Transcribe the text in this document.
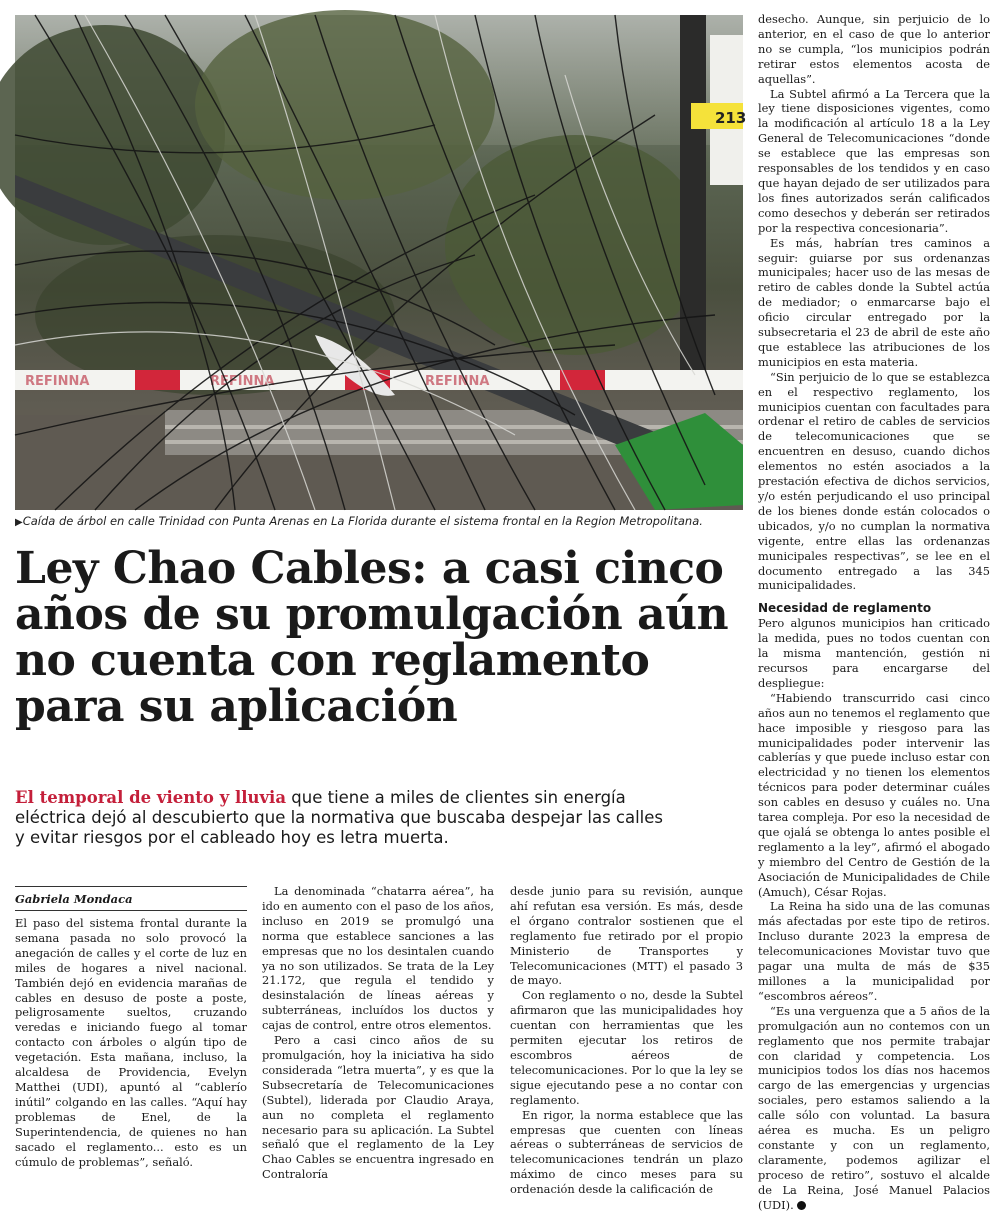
213
REFINNA	REFINNA	REFINNA
▶Caída de árbol en calle Trinidad con Punta Arenas en La Florida durante el sistema frontal en la Region Metropolitana.
Ley Chao Cables: a casi cinco años de su promulgación aún no cuenta con reglamento para su aplicación

El temporal de viento y lluvia que tiene a miles de clientes sin energía eléctrica dejó al descubierto que la normativa que buscaba despejar las calles y evitar riesgos por el cableado hoy es letra muerta.

Gabriela Mondaca

El paso del sistema frontal durante la semana pasada no solo provocó la anegación de calles y el corte de luz en miles de hogares a nivel nacional. También dejó en evidencia marañas de cables en desuso de poste a poste, peligrosamente sueltos, cruzando veredas e iniciando fuego al tomar contacto con árboles o algún tipo de vegetación. Esta mañana, incluso, la alcaldesa de Providencia, Evelyn Matthei (UDI), apuntó al “cablerío inútil” colgando en las calles. “Aquí hay problemas de Enel, de la Superintendencia, de quienes no han sacado el reglamento... esto es un cúmulo de problemas”, señaló.

La denominada “chatarra aérea”, ha ido en aumento con el paso de los años, incluso en 2019 se promulgó una norma que establece sanciones a las empresas que no los desintalen cuando ya no son utilizados. Se trata de la Ley 21.172, que regula el tendido y desinstalación de líneas aéreas y subterráneas, incluídos los ductos y cajas de control, entre otros elementos.

Pero a casi cinco años de su promulgación, hoy la iniciativa ha sido considerada “letra muerta”, y es que la Subsecretaría de Telecomunicaciones (Subtel), liderada por Claudio Araya, aun no completa el reglamento necesario para su aplicación. La Subtel señaló que el reglamento de la Ley Chao Cables se encuentra ingresado en Contraloría

desde junio para su revisión, aunque ahí refutan esa versión. Es más, desde el órgano contralor sostienen que el reglamento fue retirado por el propio Ministerio de Transportes y Telecomunicaciones (MTT) el pasado 3 de mayo.

Con reglamento o no, desde la Subtel afirmaron que las municipalidades hoy cuentan con herramientas que les permiten ejecutar los retiros de escombros aéreos de telecomunicaciones. Por lo que la ley se sigue ejecutando pese a no contar con reglamento.

En rigor, la norma establece que las empresas que cuenten con líneas aéreas o subterráneas de servicios de telecomunicaciones tendrán un plazo máximo de cinco meses para su ordenación desde la calificación de

desecho. Aunque, sin perjuicio de lo anterior, en el caso de que lo anterior no se cumpla, “los municipios podrán retirar estos elementos acosta de aquellas”.

La Subtel afirmó a La Tercera que la ley tiene disposiciones vigentes, como la modificación al artículo 18 a la Ley General de Telecomunicaciones “donde se establece que las empresas son responsables de los tendidos y en caso que hayan dejado de ser utilizados para los fines autorizados serán calificados como desechos y deberán ser retirados por la respectiva concesionaria”.

Es más, habrían tres caminos a seguir: guiarse por sus ordenanzas municipales; hacer uso de las mesas de retiro de cables donde la Subtel actúa de mediador; o enmarcarse bajo el oficio circular entregado por la subsecretaria el 23 de abril de este año que establece las atribuciones de los municipios en esta materia.

“Sin perjuicio de lo que se establezca en el respectivo reglamento, los municipios cuentan con facultades para ordenar el retiro de cables de servicios de telecomunicaciones que se encuentren en desuso, cuando dichos elementos no estén asociados a la prestación efectiva de dichos servicios, y/o estén perjudicando el uso principal de los bienes donde están colocados o ubicados, y/o no cumplan la normativa vigente, entre ellas las ordenanzas municipales respectivas”, se lee en el documento entregado a las 345 municipalidades.

Necesidad de reglamento

Pero algunos municipios han criticado la medida, pues no todos cuentan con la misma mantención, gestión ni recursos para encargarse del despliegue:

“Habiendo transcurrido casi cinco años aun no tenemos el reglamento que hace imposible y riesgoso para las municipalidades poder intervenir las cablerías y que puede incluso estar con electricidad y no tienen los elementos técnicos para poder determinar cuáles son cables en desuso y cuáles no. Una tarea compleja. Por eso la necesidad de que ojalá se obtenga lo antes posible el reglamento a la ley”, afirmó el abogado y miembro del Centro de Gestión de la Asociación de Municipalidades de Chile (Amuch), César Rojas.

La Reina ha sido una de las comunas más afectadas por este tipo de retiros. Incluso durante 2023 la empresa de telecomunicaciones Movistar tuvo que pagar una multa de más de $35 millones a la municipalidad por “escombros aéreos”.

“Es una verguenza que a 5 años de la promulgación aun no contemos con un reglamento que nos permite trabajar con claridad y competencia. Los municipios todos los días nos hacemos cargo de las emergencias y urgencias sociales, pero estamos saliendo a la calle sólo con voluntad. La basura aérea es mucha. Es un peligro constante y con un reglamento, claramente, podemos agilizar el proceso de retiro”, sostuvo el alcalde de La Reina, José Manuel Palacios (UDI).
